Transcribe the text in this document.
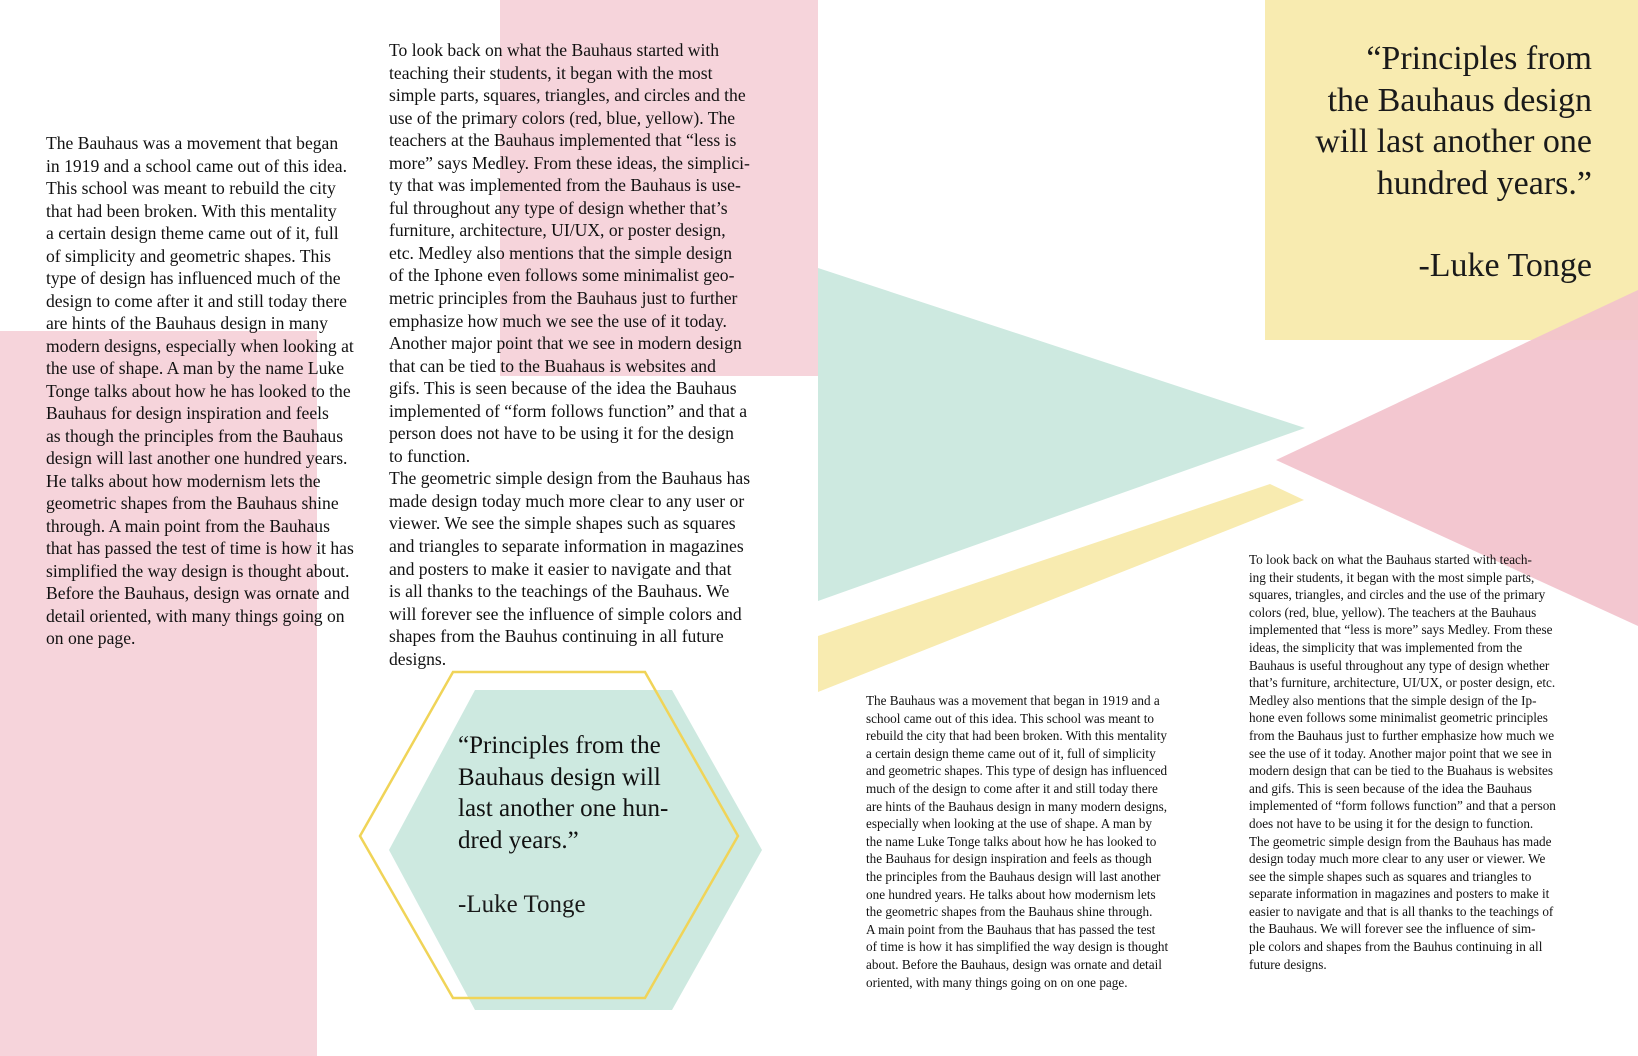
The Bauhaus was a movement that began
in 1919 and a school came out of this idea.
This school was meant to rebuild the city
that had been broken. With this mentality
a certain design theme came out of it, full
of simplicity and geometric shapes. This
type of design has influenced much of the
design to come after it and still today there
are hints of the Bauhaus design in many
modern designs, especially when looking at
the use of shape. A man by the name Luke
Tonge talks about how he has looked to the
Bauhaus for design inspiration and feels
as though the principles from the Bauhaus
design will last another one hundred years.
He talks about how modernism lets the
geometric shapes from the Bauhaus shine
through. A main point from the Bauhaus
that has passed the test of time is how it has
simplified the way design is thought about.
Before the Bauhaus, design was ornate and
detail oriented, with many things going on
on one page.

To look back on what the Bauhaus started with
teaching their students, it began with the most
simple parts, squares, triangles, and circles and the
use of the primary colors (red, blue, yellow). The
teachers at the Bauhaus implemented that “less is
more” says Medley. From these ideas, the simplici-
ty that was implemented from the Bauhaus is use-
ful throughout any type of design whether that’s
furniture, architecture, UI/UX, or poster design,
etc. Medley also mentions that the simple design
of the Iphone even follows some minimalist geo-
metric principles from the Bauhaus just to further
emphasize how much we see the use of it today.
Another major point that we see in modern design
that can be tied to the Buahaus is websites and
gifs. This is seen because of the idea the Bauhaus
implemented of “form follows function” and that a
person does not have to be using it for the design
to function.
The geometric simple design from the Bauhaus has
made design today much more clear to any user or
viewer. We see the simple shapes such as squares
and triangles to separate information in magazines
and posters to make it easier to navigate and that
is all thanks to the teachings of the Bauhaus. We
will forever see the influence of simple colors and
shapes from the Bauhus continuing in all future
designs.

“Principles from the
Bauhaus design will
last another one hun-
dred years.”
-Luke Tonge
“Principles from
the Bauhaus design
will last another one
hundred years.”
-Luke Tonge

The Bauhaus was a movement that began in 1919 and a
school came out of this idea. This school was meant to
rebuild the city that had been broken. With this mentality
a certain design theme came out of it, full of simplicity
and geometric shapes. This type of design has influenced
much of the design to come after it and still today there
are hints of the Bauhaus design in many modern designs,
especially when looking at the use of shape. A man by
the name Luke Tonge talks about how he has looked to
the Bauhaus for design inspiration and feels as though
the principles from the Bauhaus design will last another
one hundred years. He talks about how modernism lets
the geometric shapes from the Bauhaus shine through.
A main point from the Bauhaus that has passed the test
of time is how it has simplified the way design is thought
about. Before the Bauhaus, design was ornate and detail
oriented, with many things going on on one page.

To look back on what the Bauhaus started with teach-
ing their students, it began with the most simple parts,
squares, triangles, and circles and the use of the primary
colors (red, blue, yellow). The teachers at the Bauhaus
implemented that “less is more” says Medley. From these
ideas, the simplicity that was implemented from the
Bauhaus is useful throughout any type of design whether
that’s furniture, architecture, UI/UX, or poster design, etc.
Medley also mentions that the simple design of the Ip-
hone even follows some minimalist geometric principles
from the Bauhaus just to further emphasize how much we
see the use of it today. Another major point that we see in
modern design that can be tied to the Buahaus is websites
and gifs. This is seen because of the idea the Bauhaus
implemented of “form follows function” and that a person
does not have to be using it for the design to function.
The geometric simple design from the Bauhaus has made
design today much more clear to any user or viewer. We
see the simple shapes such as squares and triangles to
separate information in magazines and posters to make it
easier to navigate and that is all thanks to the teachings of
the Bauhaus. We will forever see the influence of sim-
ple colors and shapes from the Bauhus continuing in all
future designs.
